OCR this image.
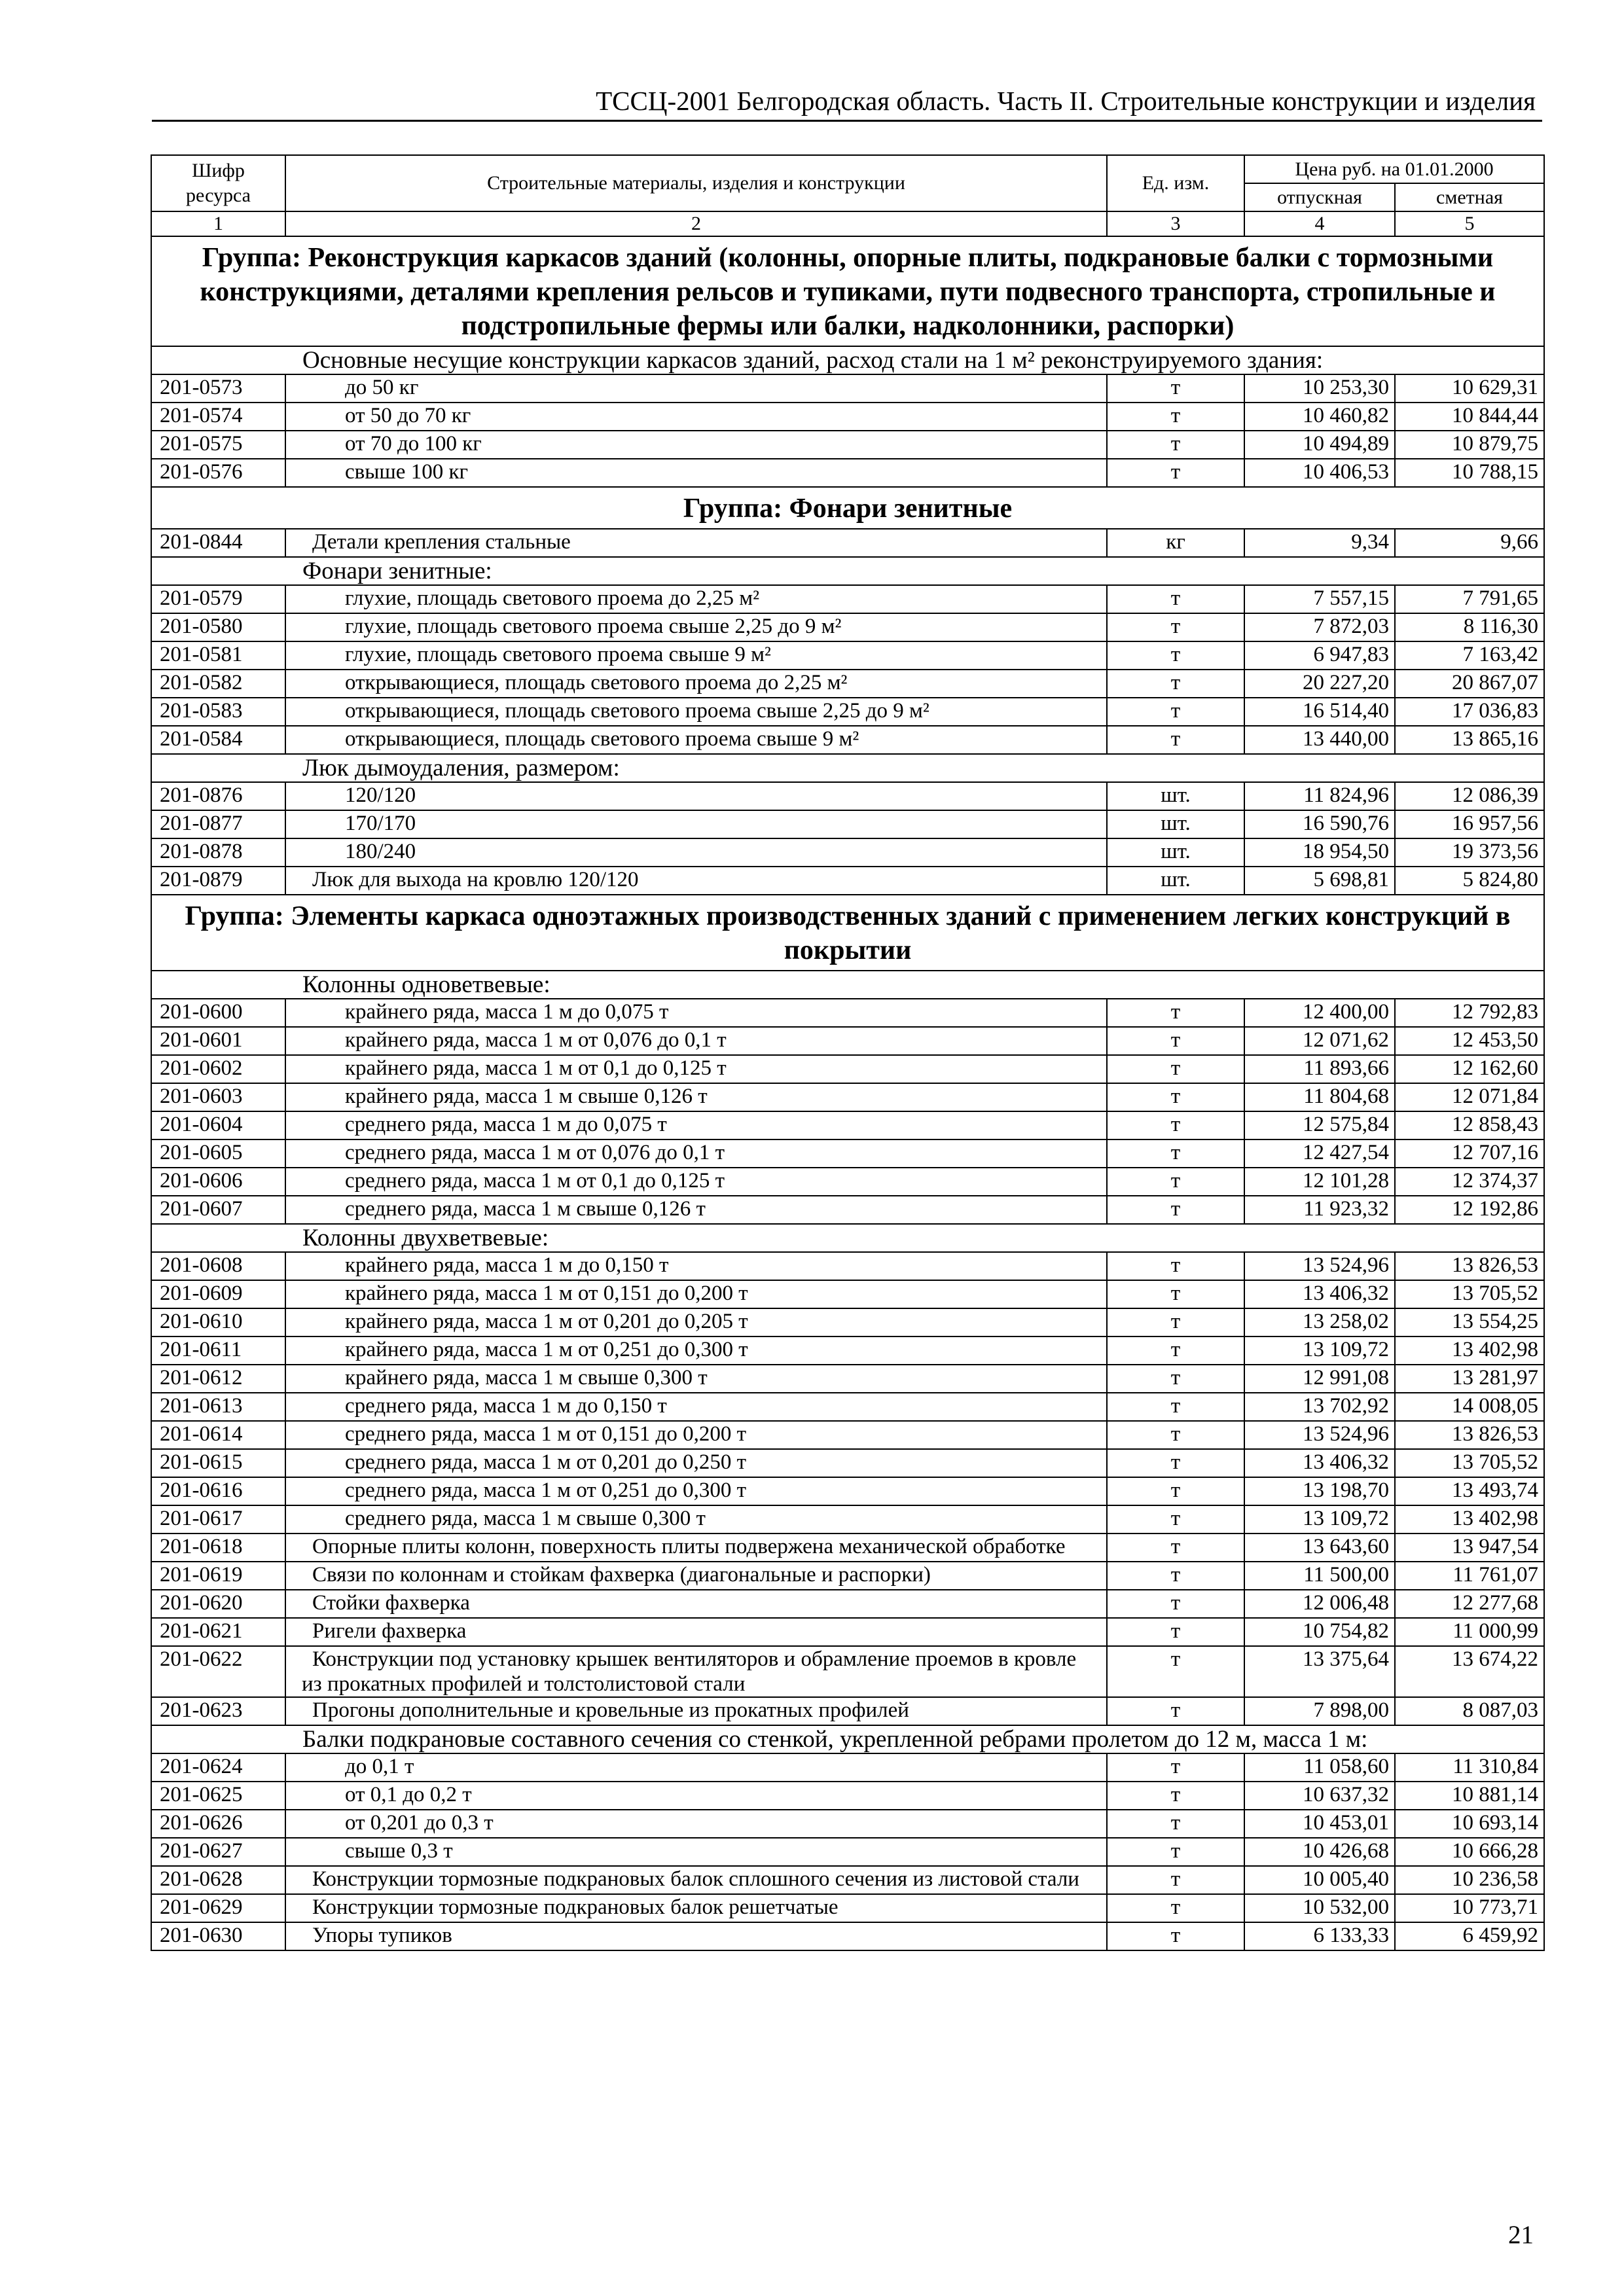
ТССЦ-2001 Белгородская область. Часть II. Строительные конструкции и изделия
Шифр ресурса	Строительные материалы, изделия и конструкции	Ед. изм.	Цена руб. на 01.01.2000	
			отпускная	сметная
1	2	3	4	5
Группа: Реконструкция каркасов зданий (колонны, опорные плиты, подкрановые балки с тормозными конструкциями, деталями крепления рельсов и тупиками, пути подвесного транспорта, стропильные и подстропильные фермы или балки, надколонники, распорки)				
Основные несущие конструкции каркасов зданий, расход стали на 1 м² реконструируемого здания:				
201-0573	до 50 кг	т	10 253,30	10 629,31
201-0574	от 50 до 70 кг	т	10 460,82	10 844,44
201-0575	от 70 до 100 кг	т	10 494,89	10 879,75
201-0576	свыше 100 кг	т	10 406,53	10 788,15
Группа: Фонари зенитные				
201-0844	Детали крепления стальные	кг	9,34	9,66
Фонари зенитные:				
201-0579	глухие, площадь светового проема до 2,25 м²	т	7 557,15	7 791,65
201-0580	глухие, площадь светового проема свыше 2,25 до 9 м²	т	7 872,03	8 116,30
201-0581	глухие, площадь светового проема свыше 9 м²	т	6 947,83	7 163,42
201-0582	открывающиеся, площадь светового проема до 2,25 м²	т	20 227,20	20 867,07
201-0583	открывающиеся, площадь светового проема свыше 2,25 до 9 м²	т	16 514,40	17 036,83
201-0584	открывающиеся, площадь светового проема свыше 9 м²	т	13 440,00	13 865,16
Люк дымоудаления, размером:				
201-0876	120/120	шт.	11 824,96	12 086,39
201-0877	170/170	шт.	16 590,76	16 957,56
201-0878	180/240	шт.	18 954,50	19 373,56
201-0879	Люк для выхода на кровлю 120/120	шт.	5 698,81	5 824,80
Группа: Элементы каркаса одноэтажных производственных зданий с применением легких конструкций в покрытии				
Колонны одноветвевые:				
201-0600	крайнего ряда, масса 1 м до 0,075 т	т	12 400,00	12 792,83
201-0601	крайнего ряда, масса 1 м от 0,076 до 0,1 т	т	12 071,62	12 453,50
201-0602	крайнего ряда, масса 1 м от 0,1 до 0,125 т	т	11 893,66	12 162,60
201-0603	крайнего ряда, масса 1 м свыше 0,126 т	т	11 804,68	12 071,84
201-0604	среднего ряда, масса 1 м до 0,075 т	т	12 575,84	12 858,43
201-0605	среднего ряда, масса 1 м от 0,076 до 0,1 т	т	12 427,54	12 707,16
201-0606	среднего ряда, масса 1 м от 0,1 до 0,125 т	т	12 101,28	12 374,37
201-0607	среднего ряда, масса 1 м свыше 0,126 т	т	11 923,32	12 192,86
Колонны двухветвевые:				
201-0608	крайнего ряда, масса 1 м до 0,150 т	т	13 524,96	13 826,53
201-0609	крайнего ряда, масса 1 м от 0,151 до 0,200 т	т	13 406,32	13 705,52
201-0610	крайнего ряда, масса 1 м от 0,201 до 0,205 т	т	13 258,02	13 554,25
201-0611	крайнего ряда, масса 1 м от 0,251 до 0,300 т	т	13 109,72	13 402,98
201-0612	крайнего ряда, масса 1 м свыше 0,300 т	т	12 991,08	13 281,97
201-0613	среднего ряда, масса 1 м до 0,150 т	т	13 702,92	14 008,05
201-0614	среднего ряда, масса 1 м от 0,151 до 0,200 т	т	13 524,96	13 826,53
201-0615	среднего ряда, масса 1 м от 0,201 до 0,250 т	т	13 406,32	13 705,52
201-0616	среднего ряда, масса 1 м от 0,251 до 0,300 т	т	13 198,70	13 493,74
201-0617	среднего ряда, масса 1 м свыше 0,300 т	т	13 109,72	13 402,98
201-0618	Опорные плиты колонн, поверхность плиты подвержена механической обработке	т	13 643,60	13 947,54
201-0619	Связи по колоннам и стойкам фахверка (диагональные и распорки)	т	11 500,00	11 761,07
201-0620	Стойки фахверка	т	12 006,48	12 277,68
201-0621	Ригели фахверка	т	10 754,82	11 000,99
201-0622	Конструкции под установку крышек вентиляторов и обрамление проемов в кровле из прокатных профилей и толстолистовой стали	т	13 375,64	13 674,22
201-0623	Прогоны дополнительные и кровельные из прокатных профилей	т	7 898,00	8 087,03
Балки подкрановые составного сечения со стенкой, укрепленной ребрами пролетом до 12 м, масса 1 м:				
201-0624	до 0,1 т	т	11 058,60	11 310,84
201-0625	от 0,1 до 0,2 т	т	10 637,32	10 881,14
201-0626	от 0,201 до 0,3 т	т	10 453,01	10 693,14
201-0627	свыше 0,3 т	т	10 426,68	10 666,28
201-0628	Конструкции тормозные подкрановых балок сплошного сечения из листовой стали	т	10 005,40	10 236,58
201-0629	Конструкции тормозные подкрановых балок решетчатые	т	10 532,00	10 773,71
201-0630	Упоры тупиков	т	6 133,33	6 459,92
21
